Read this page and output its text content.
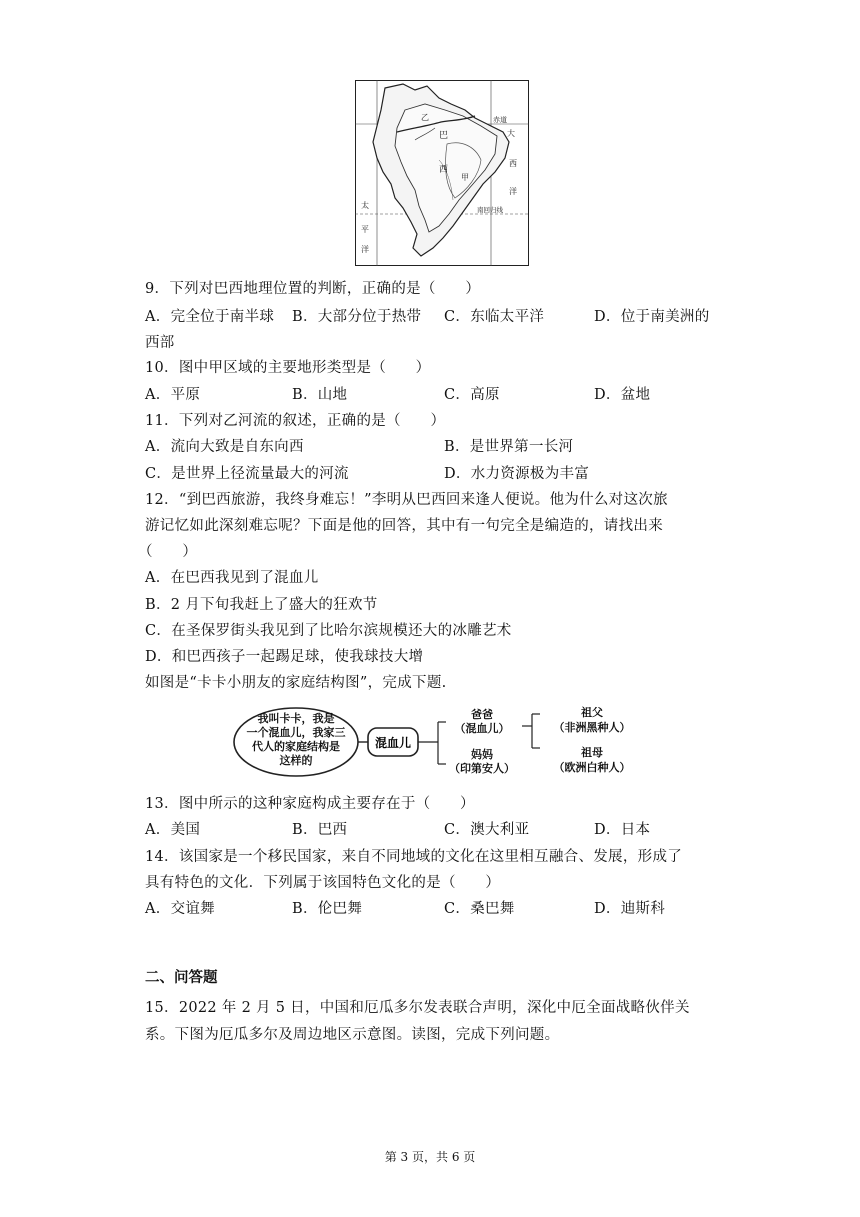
赤道
大
巴
西
甲
乙
西
洋
太
平
洋
南回归线
9．下列对巴西地理位置的判断，正确的是（　　）
A．完全位于南半球 B．大部分位于热带 C．东临太平洋	D．位于南美洲的
西部
10．图中甲区域的主要地形类型是（　　）
A．平原	B．山地	C．高原	D．盆地
11．下列对乙河流的叙述，正确的是（　　）
A．流向大致是自东向西	B．是世界第一长河
C．是世界上径流量最大的河流	D．水力资源极为丰富
12．“到巴西旅游，我终身难忘！”李明从巴西回来逢人便说。他为什么对这次旅
游记忆如此深刻难忘呢？下面是他的回答，其中有一句完全是编造的，请找出来
（　　）
A．在巴西我见到了混血儿
B．2 月下旬我赶上了盛大的狂欢节
C．在圣保罗街头我见到了比哈尔滨规模还大的冰雕艺术
D．和巴西孩子一起踢足球，使我球技大增
如图是“卡卡小朋友的家庭结构图”，完成下题.
我叫卡卡，我是
一个混血儿，我家三
代人的家庭结构是
这样的
混血儿
爸爸
（混血儿）
妈妈
（印第安人）
祖父
（非洲黑种人）
祖母
（欧洲白种人）
13．图中所示的这种家庭构成主要存在于（　　）
A．美国	B．巴西	C．澳大利亚	D．日本
14．该国家是一个移民国家，来自不同地域的文化在这里相互融合、发展，形成了
具有特色的文化．下列属于该国特色文化的是（　　）
A．交谊舞	B．伦巴舞	C．桑巴舞	D．迪斯科
二、问答题
15．2022 年 2 月 5 日，中国和厄瓜多尔发表联合声明，深化中厄全面战略伙伴关
系。下图为厄瓜多尔及周边地区示意图。读图，完成下列问题。
第 3 页，共 6 页
